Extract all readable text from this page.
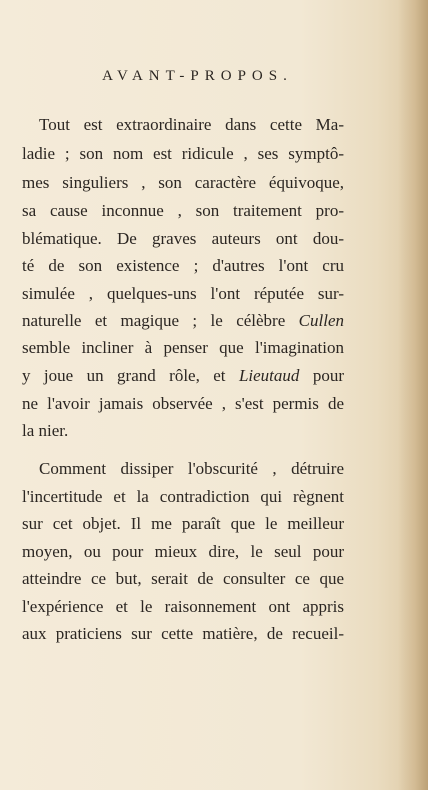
AVANT-PROPOS.
Tout est extraordinaire dans cette Ma-
ladie ; son nom est ridicule , ses symptô-
mes singuliers , son caractère équivoque,
sa cause inconnue , son traitement pro-
blématique. De graves auteurs ont dou-
té de son existence ; d'autres l'ont cru
simulée , quelques-uns l'ont réputée sur-
naturelle et magique ; le célèbre Cullen
semble incliner à penser que l'imagination
y joue un grand rôle, et Lieutaud pour
ne l'avoir jamais observée , s'est permis de
la nier.
Comment dissiper l'obscurité , détruire
l'incertitude et la contradiction qui règnent
sur cet objet. Il me paraît que le meilleur
moyen, ou pour mieux dire, le seul pour
atteindre ce but, serait de consulter ce que
l'expérience et le raisonnement ont appris
aux praticiens sur cette matière, de recueil-
